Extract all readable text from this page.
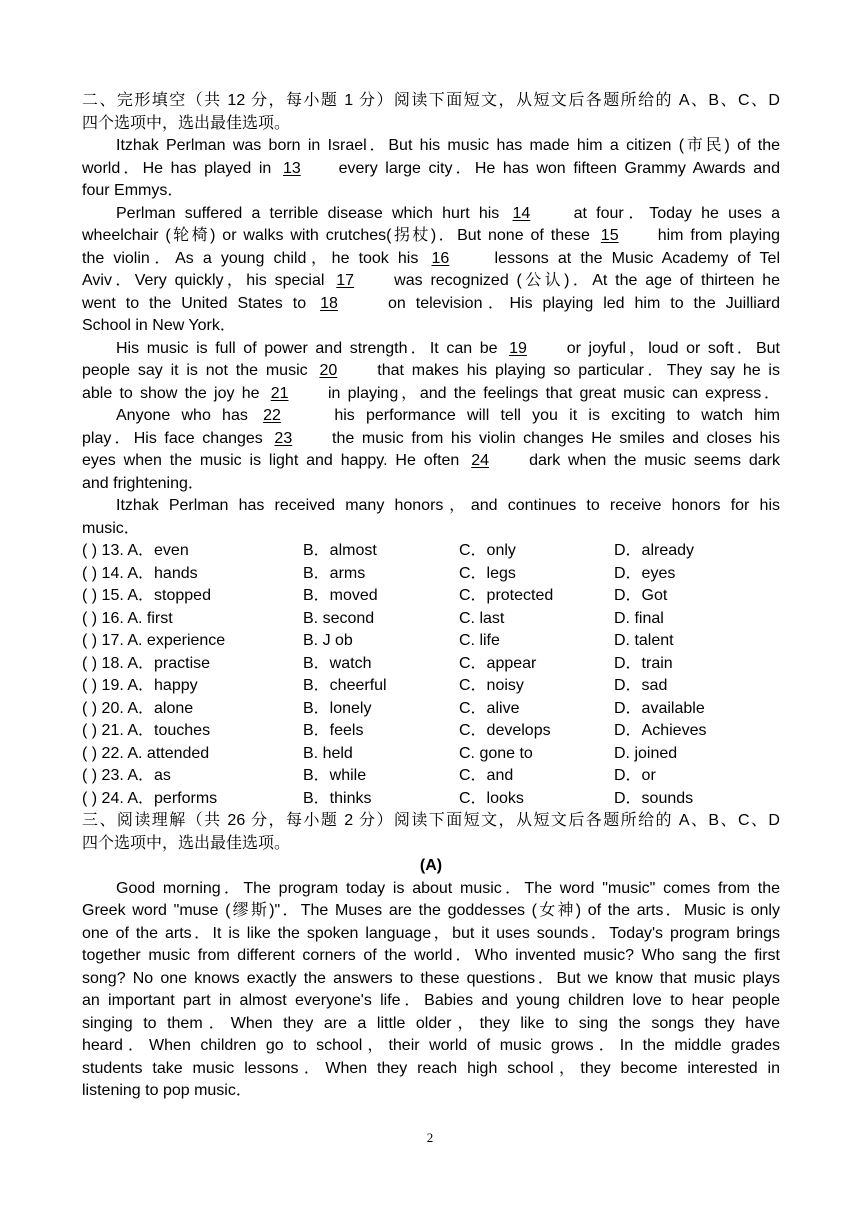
二、完形填空（共 12 分，每小题 1 分）阅读下面短文，从短文后各题所给的 A、B、C、D
四个选项中，选出最佳选项。
Itzhak Perlman was born in Israel．But his music has made him a citizen (市民) of the
world．He has played in 13 every large city．He has won fifteen Grammy Awards and
four Emmys．
Perlman suffered a terrible disease which hurt his 14	at four．Today he uses a
wheelchair (轮椅) or walks with crutches(拐杖)．But none of these 15 him from playing
the violin．As a young child，he took his 16	lessons at the Music Academy of Tel
Aviv．Very quickly，his special 17	was recognized (公认)．At the age of thirteen he
went to the United States to 18	on television．His playing led him to the Juilliard
School in New York．
His music is full of power and strength．It can be 19 or joyful，loud or soft．But
people say it is not the music 20	that makes his playing so particular．They say he is
able to show the joy he 21 in playing，and the feelings that great music can express．
Anyone who has 22	his performance will tell you it is exciting to watch him
play．His face changes 23 the music from his violin changes He smiles and closes his
eyes when the music is light and happy. He often 24	dark when the music seems dark
and frightening．
Itzhak Perlman has received many honors，and continues to receive honors for his
music．
( ) 13. A．even	B．almost	C．only	D．already
( ) 14. A．hands	B．arms	C．legs	D．eyes
( ) 15. A．stopped	B．moved	C．protected	D．Got
( ) 16. A. first	B. second	C. last	D. final
( ) 17. A. experience	B. J ob	C. life	D. talent
( ) 18. A．practise	B．watch	C．appear	D．train
( ) 19. A．happy	B．cheerful	C．noisy	D．sad
( ) 20. A．alone	B．lonely	C．alive	D．available
( ) 21. A．touches	B．feels	C．develops	D．Achieves
( ) 22. A. attended	B. held	C. gone to	D. joined
( ) 23. A．as	B．while	C．and	D．or
( ) 24. A．performs	B．thinks	C．looks	D．sounds
三、阅读理解（共 26 分，每小题 2 分）阅读下面短文，从短文后各题所给的 A、B、C、D
四个选项中，选出最佳选项。
(A)
Good morning．The program today is about music．The word "music" comes from the
Greek word "muse (缪斯)"．The Muses are the goddesses (女神) of the arts．Music is only
one of the arts．It is like the spoken language，but it uses sounds．Today's program brings
together music from different corners of the world．Who invented music? Who sang the first
song? No one knows exactly the answers to these questions．But we know that music plays
an important part in almost everyone's life．Babies and young children love to hear people
singing to them．When they are a little older，they like to sing the songs they have
heard．When children go to school，their world of music grows．In the middle grades
students take music lessons．When they reach high school，they become interested in
listening to pop music．
2
